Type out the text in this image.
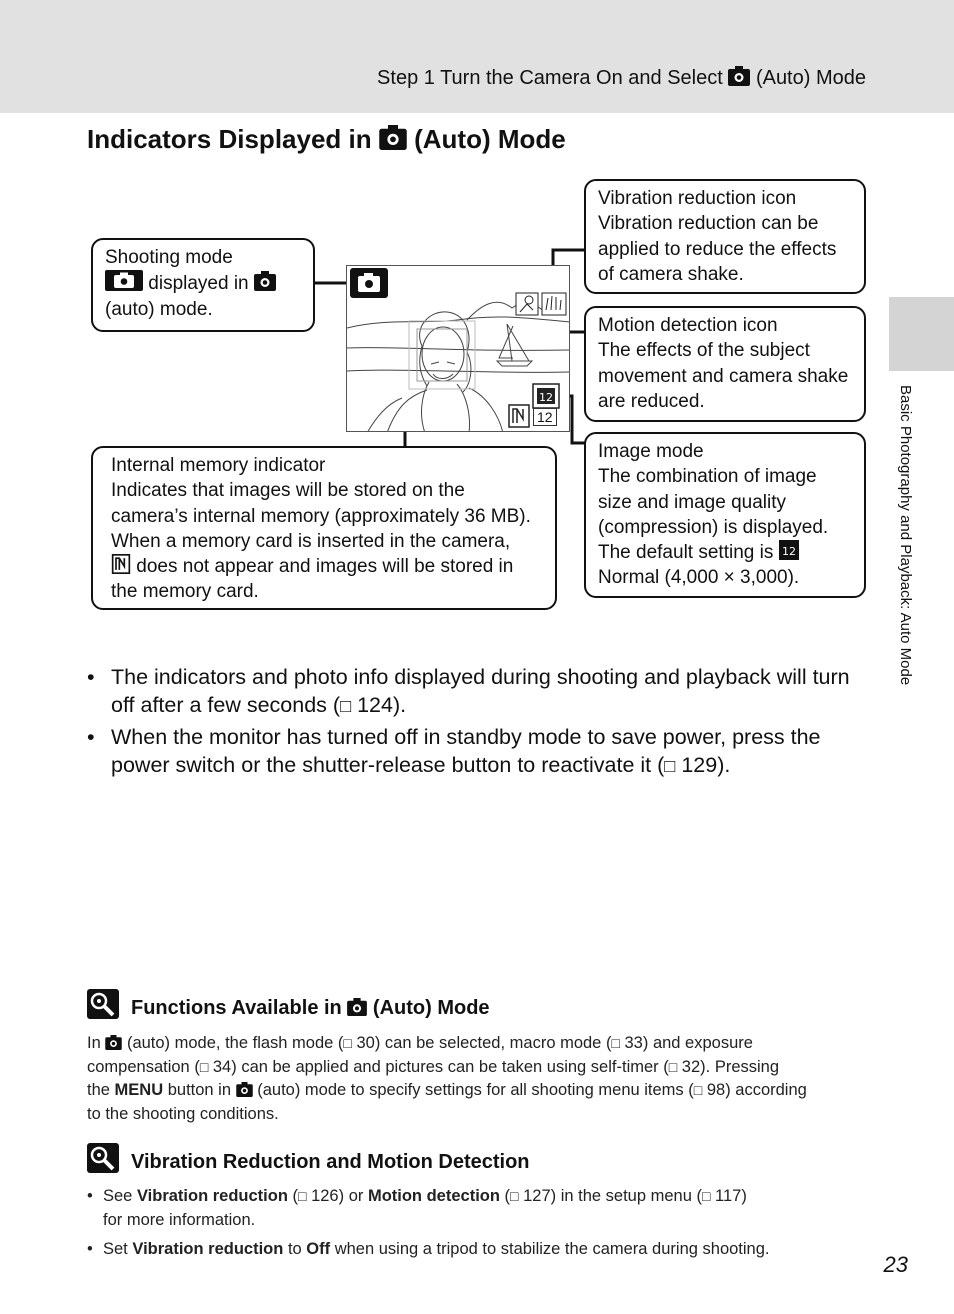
Step 1 Turn the Camera On and Select (Auto) Mode
Indicators Displayed in (Auto) Mode
Basic Photography and Playback: Auto Mode
12
12
Shooting mode
displayed in
(auto) mode.
Vibration reduction icon
Vibration reduction can be
applied to reduce the effects
of camera shake.
Motion detection icon
The effects of the subject
movement and camera shake
are reduced.
Internal memory indicator
Indicates that images will be stored on the
camera’s internal memory (approximately 36 MB).
When a memory card is inserted in the camera,
does not appear and images will be stored in
the memory card.
Image mode
The combination of image
size and image quality
(compression) is displayed.
The default setting is 12
Normal (4,000 × 3,000).
• The indicators and photo info displayed during shooting and playback will turn
off after a few seconds (□ 124).
• When the monitor has turned off in standby mode to save power, press the
power switch or the shutter-release button to reactivate it (□ 129).
Functions Available in (Auto) Mode
In (auto) mode, the flash mode (□ 30) can be selected, macro mode (□ 33) and exposure
compensation (□ 34) can be applied and pictures can be taken using self-timer (□ 32). Pressing
the MENU button in (auto) mode to specify settings for all shooting menu items (□ 98) according
to the shooting conditions.
Vibration Reduction and Motion Detection
• See Vibration reduction (□ 126) or Motion detection (□ 127) in the setup menu (□ 117)
for more information.
• Set Vibration reduction to Off when using a tripod to stabilize the camera during shooting.
23
